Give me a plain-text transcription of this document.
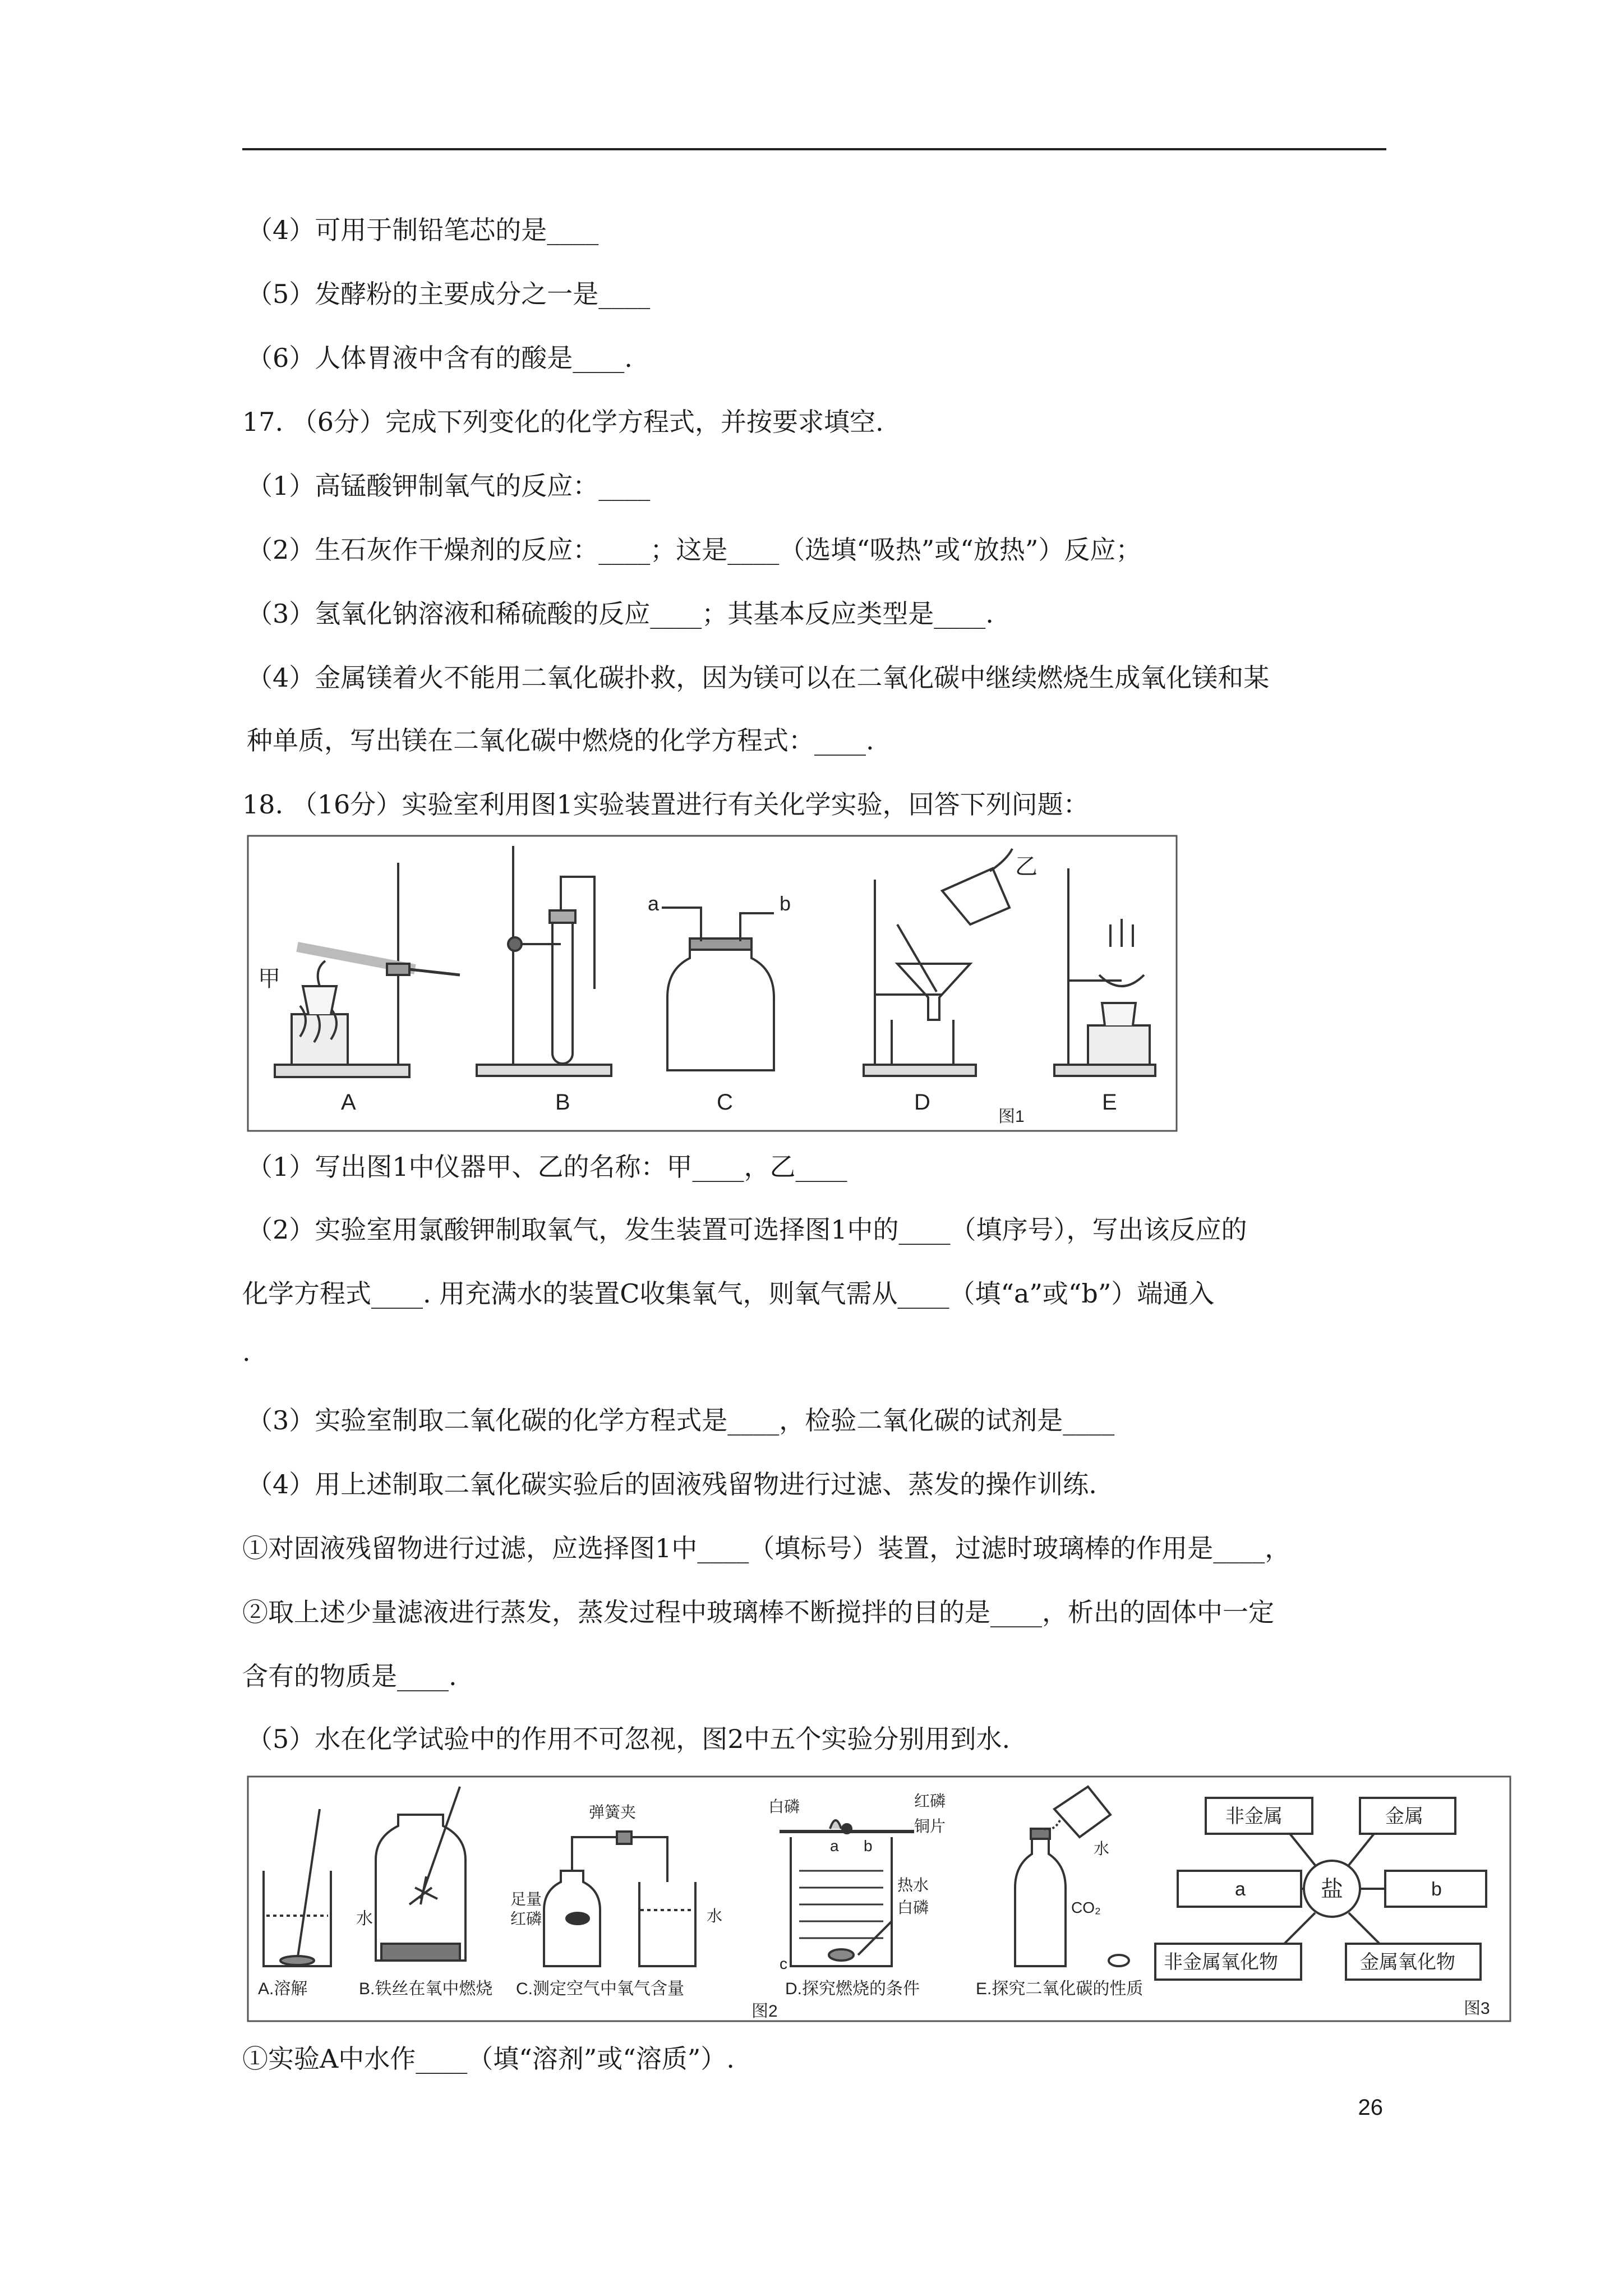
（4）可用于制铅笔芯的是____
（5）发酵粉的主要成分之一是____
（6）人体胃液中含有的酸是____.
17. （6分）完成下列变化的化学方程式，并按要求填空.
（1）高锰酸钾制氧气的反应：____
（2）生石灰作干燥剂的反应：____；这是____（选填“吸热”或“放热”）反应；
（3）氢氧化钠溶液和稀硫酸的反应____；其基本反应类型是____.
（4）金属镁着火不能用二氧化碳扑救，因为镁可以在二氧化碳中继续燃烧生成氧化镁和某
种单质，写出镁在二氧化碳中燃烧的化学方程式：____.
18. （16分）实验室利用图1实验装置进行有关化学实验，回答下列问题：
甲
A	B
a	b
C
乙
D	E
图1
（1）写出图1中仪器甲、乙的名称：甲____，乙____
（2）实验室用氯酸钾制取氧气，发生装置可选择图1中的____（填序号），写出该反应的
化学方程式____. 用充满水的装置C收集氧气，则氧气需从____（填“a”或“b”）端通入
.
（3）实验室制取二氧化碳的化学方程式是____，检验二氧化碳的试剂是____
（4）用上述制取二氧化碳实验后的固液残留物进行过滤、蒸发的操作训练.
①对固液残留物进行过滤，应选择图1中____（填标号）装置，过滤时玻璃棒的作用是____，
②取上述少量滤液进行蒸发，蒸发过程中玻璃棒不断搅拌的目的是____，析出的固体中一定
含有的物质是____.
（5）水在化学试验中的作用不可忽视，图2中五个实验分别用到水.
A.溶解
水
B.铁丝在氧中燃烧
弹簧夹
足量
红磷	水
C.测定空气中氧气含量
白磷
a b
红磷
铜片
热水
白磷
c
D.探究燃烧的条件
水
CO₂
E.探究二氧化碳的性质
图2
非金属	金属
a	b
盐
非金属氧化物	金属氧化物
图3
①实验A中水作____（填“溶剂”或“溶质”）.
26
